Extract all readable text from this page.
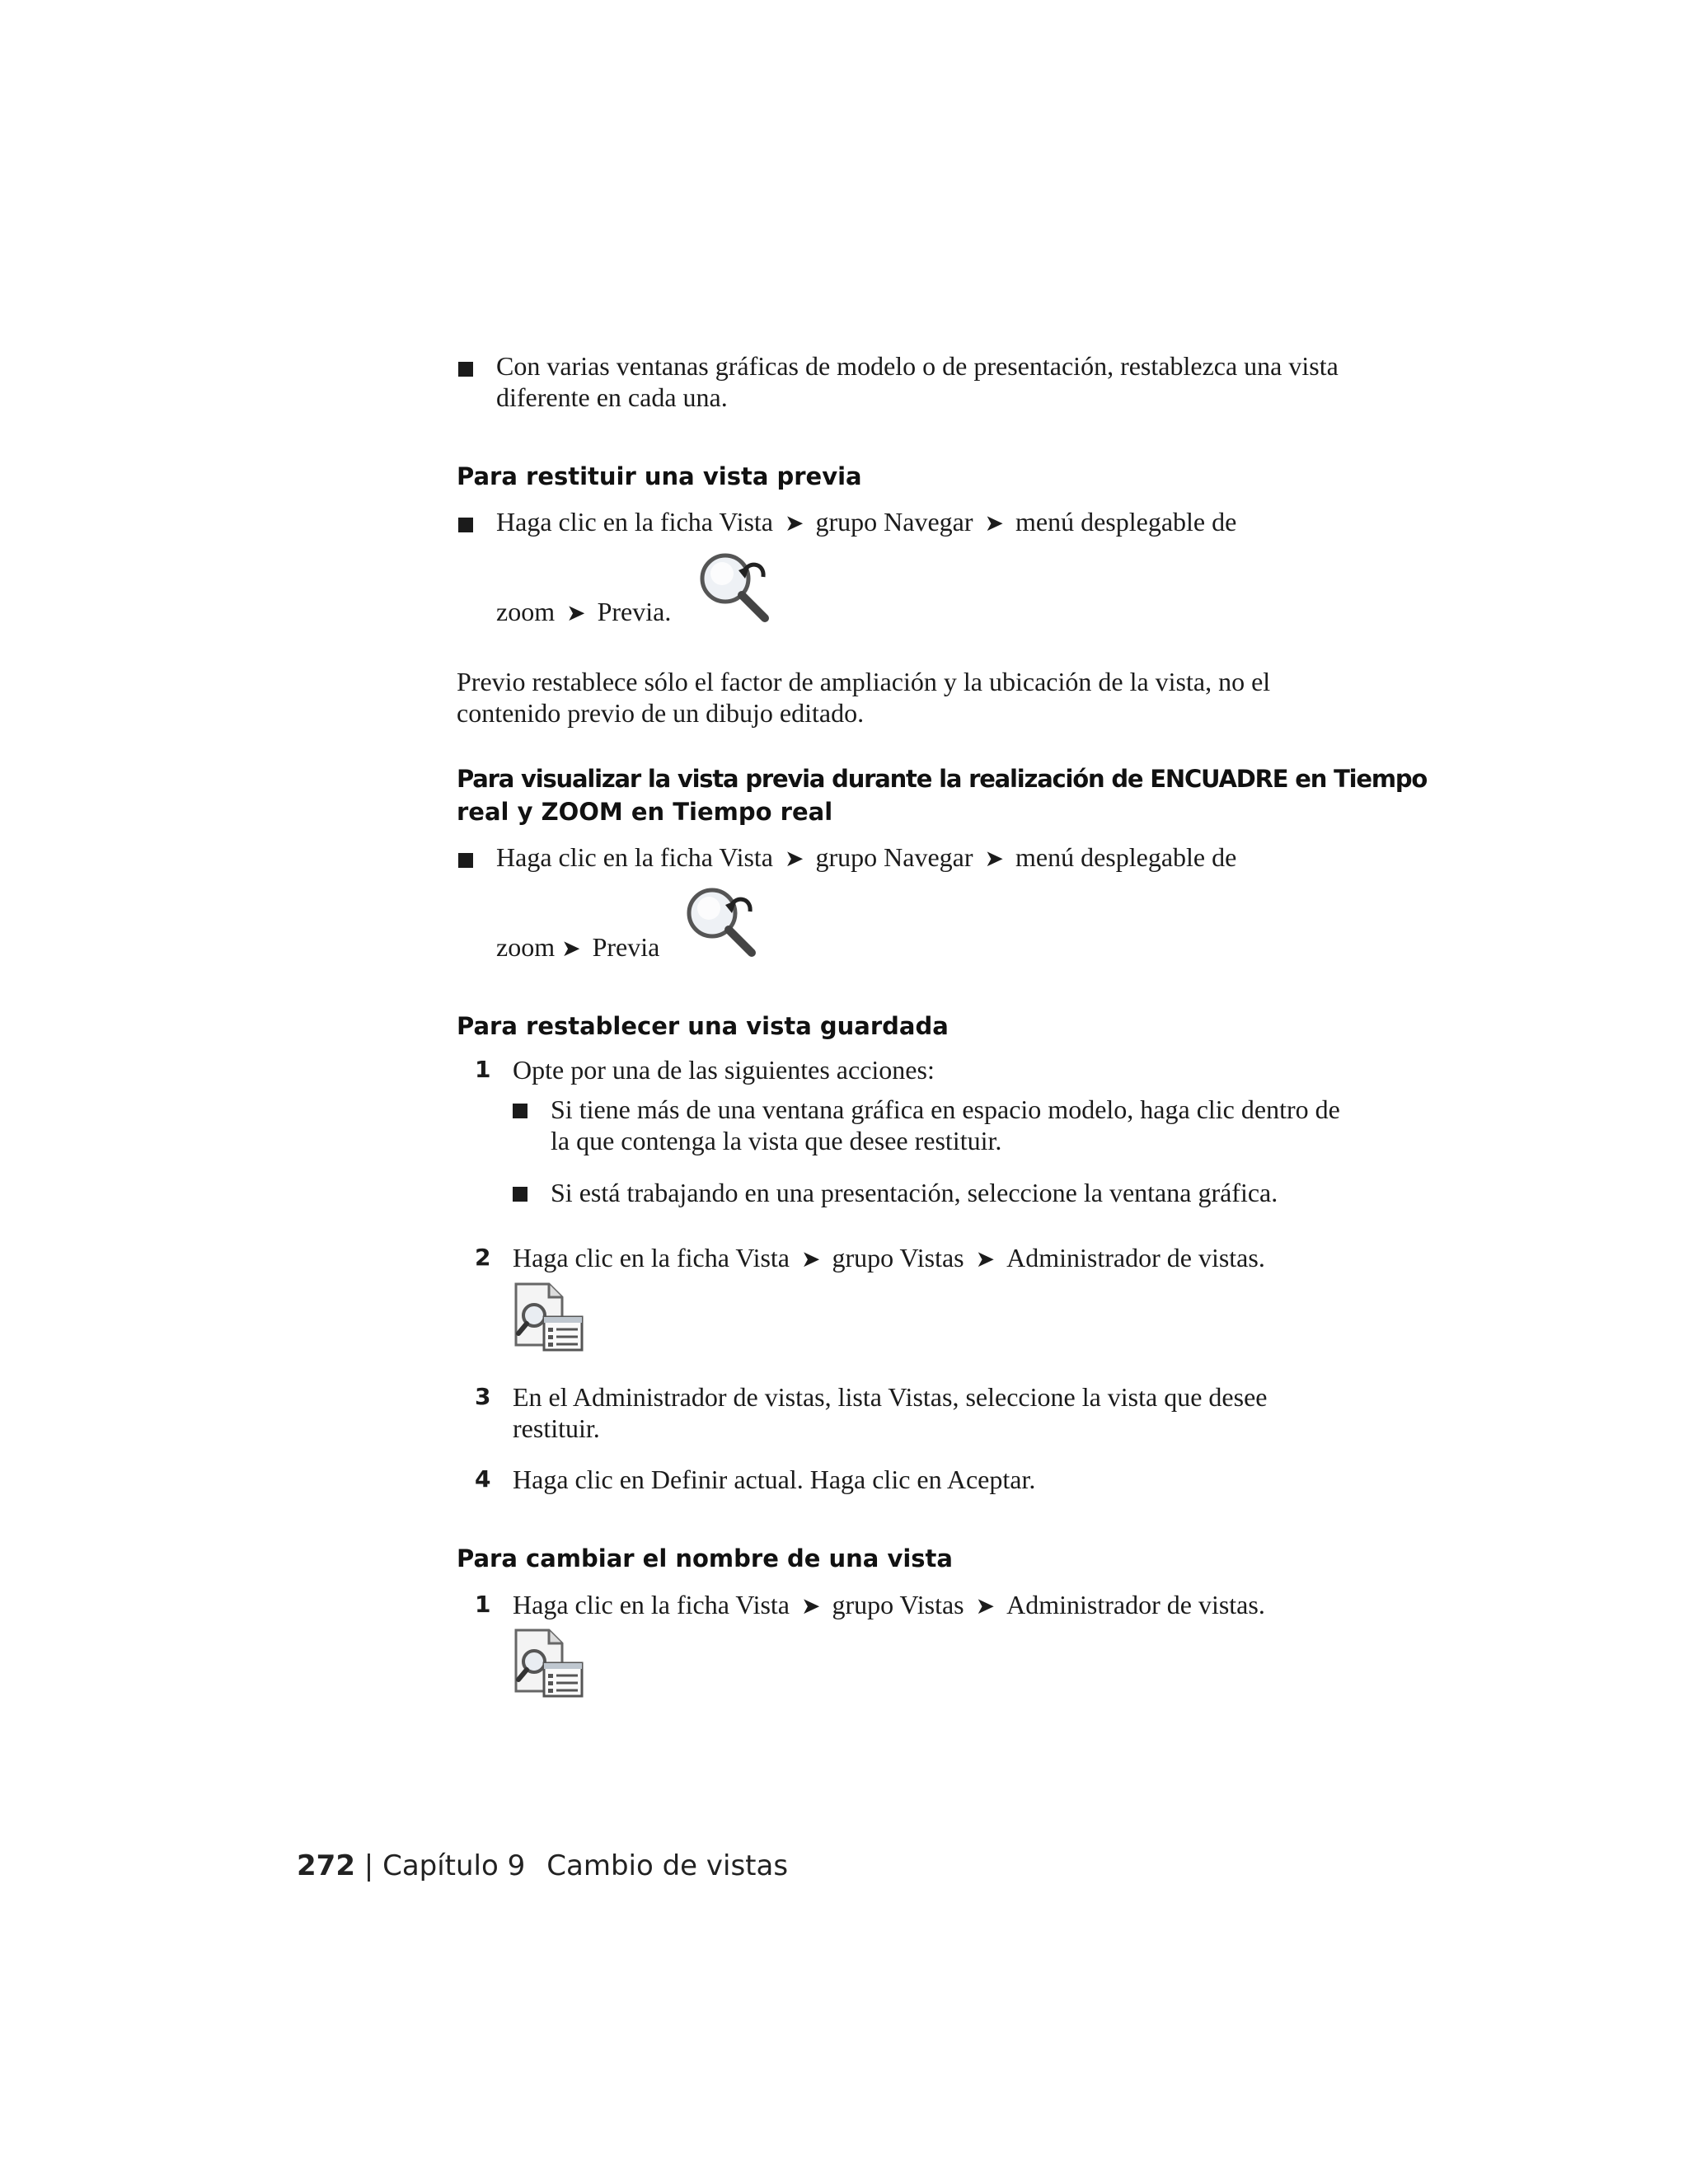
Con varias ventanas gráficas de modelo o de presentación, restablezca una vista diferente en cada una.
Para restituir una vista previa
Haga clic en la ficha Vista ➤ grupo Navegar ➤ menú desplegable de
zoom ➤ Previa.
Previo restablece sólo el factor de ampliación y la ubicación de la vista, no el contenido previo de un dibujo editado.
Para visualizar la vista previa durante la realización de ENCUADRE en Tiempo
real y ZOOM en Tiempo real
Haga clic en la ficha Vista ➤ grupo Navegar ➤ menú desplegable de
zoom ➤ Previa
Para restablecer una vista guardada
1 Opte por una de las siguientes acciones:
Si tiene más de una ventana gráfica en espacio modelo, haga clic dentro de la que contenga la vista que desee restituir.
Si está trabajando en una presentación, seleccione la ventana gráfica.
2 Haga clic en la ficha Vista ➤ grupo Vistas ➤ Administrador de vistas.
3 En el Administrador de vistas, lista Vistas, seleccione la vista que desee restituir.
4 Haga clic en Definir actual. Haga clic en Aceptar.
Para cambiar el nombre de una vista
1 Haga clic en la ficha Vista ➤ grupo Vistas ➤ Administrador de vistas.
272 | Capítulo 9 Cambio de vistas
